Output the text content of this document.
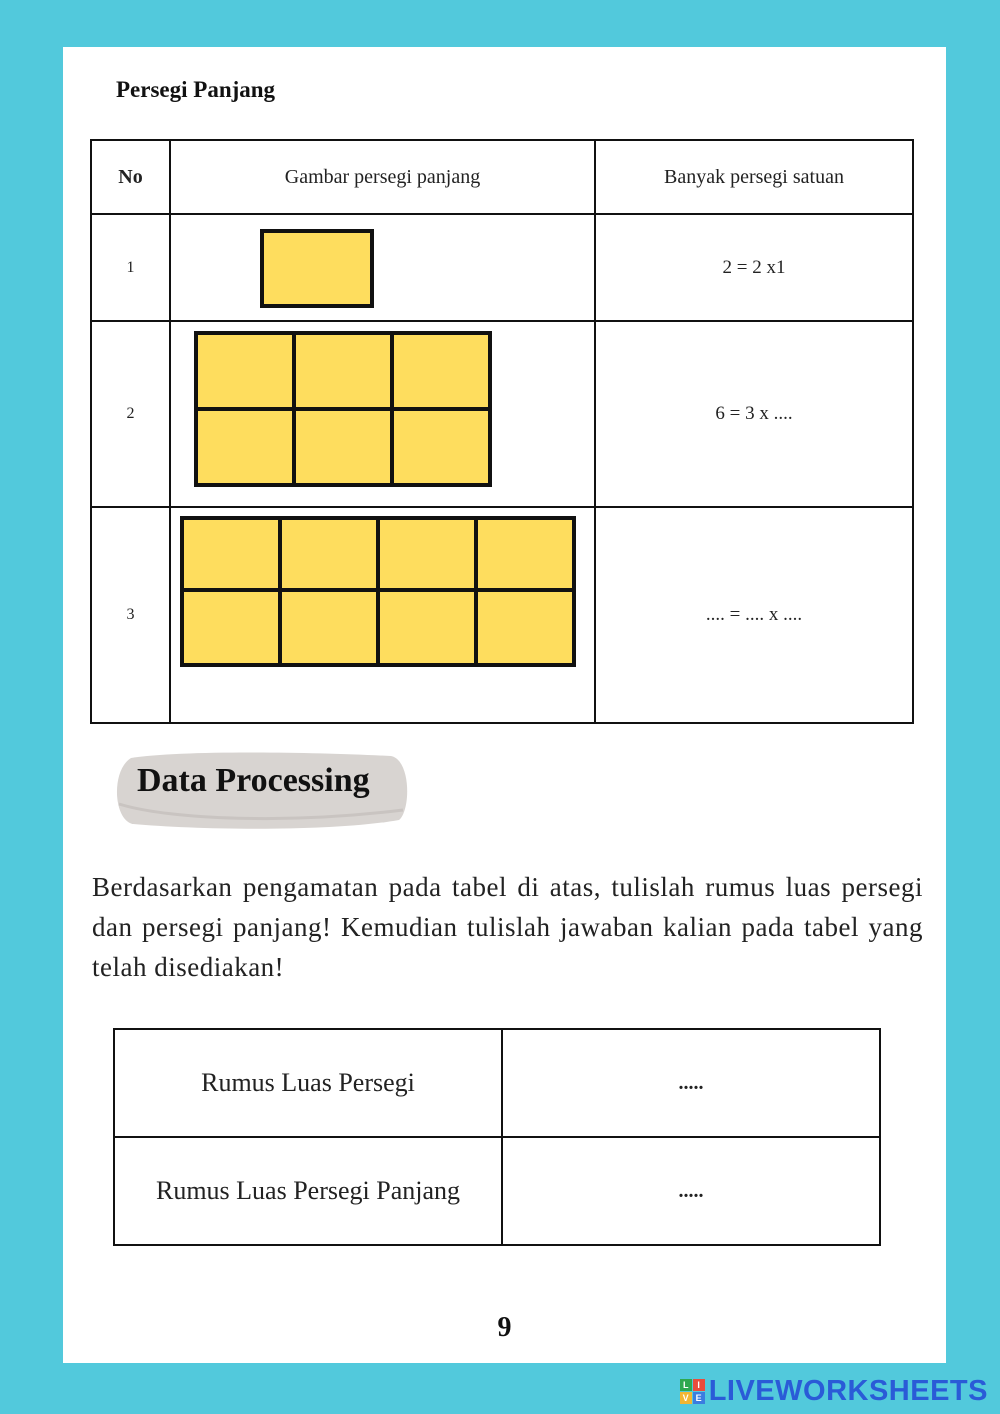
Persegi Panjang
No	Gambar persegi panjang	Banyak persegi satuan
1		2 = 2 x1
2		6 = 3 x ....
3		.... = .... x ....
Data Processing
Berdasarkan pengamatan pada tabel di atas, tulislah rumus luas persegi dan persegi panjang! Kemudian tulislah jawaban kalian pada tabel yang telah disediakan!
Rumus Luas Persegi	.....
Rumus Luas Persegi Panjang	.....
9
L I
V E LIVEWORKSHEETS
